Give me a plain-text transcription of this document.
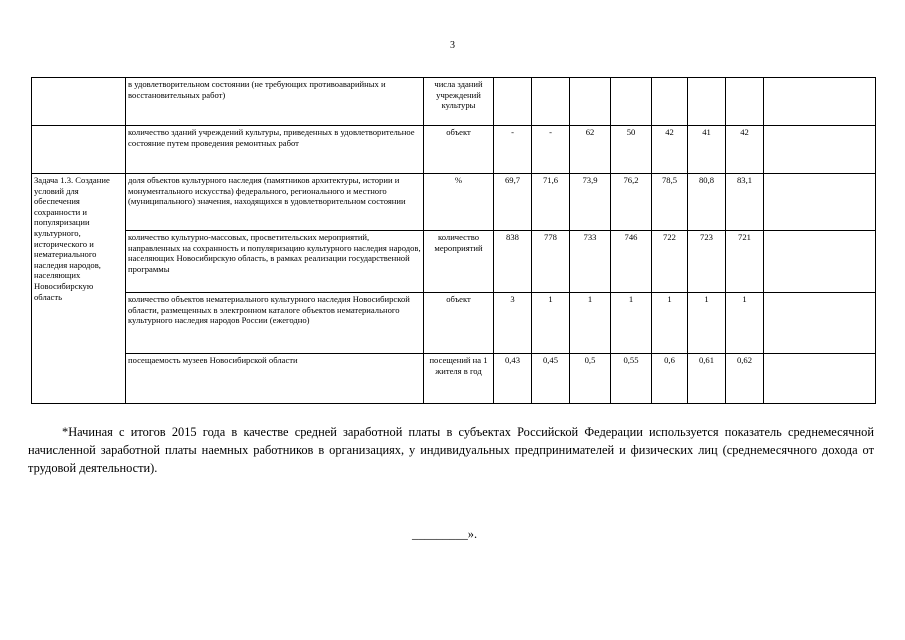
3
	в удовлетворительном состоянии (не требующих противоаварийных и восстановительных работ)	числа зданий учреждений культуры								
	количество зданий учреждений культуры, приведенных в удовлетворительное состояние путем проведения ремонтных работ	объект	-	-	62	50	42	41	42	
Задача 1.3. Создание условий для обеспечения сохранности и популяризации культурного, исторического и нематериального наследия народов, населяющих Новосибирскую область	доля объектов культурного наследия (памятников архитектуры, истории и монументального искусства) федерального, регионального и местного (муниципального) значения, находящихся в удовлетворительном состоянии	%	69,7	71,6	73,9	76,2	78,5	80,8	83,1	
	количество культурно-массовых, просветительских мероприятий, направленных на сохранность и популяризацию культурного наследия народов, населяющих Новосибирскую область, в рамках реализации государственной программы	количество мероприятий	838	778	733	746	722	723	721	
	количество объектов нематериального культурного наследия Новосибирской области, размещенных в электронном каталоге объектов нематериального культурного наследия народов России (ежегодно)	объект	3	1	1	1	1	1	1	
	посещаемость музеев Новосибирской области	посещений на 1 жителя в год	0,43	0,45	0,5	0,55	0,6	0,61	0,62	
*Начиная с итогов 2015 года в качестве средней заработной платы в субъектах Российской Федерации используется показатель среднемесячной начисленной заработной платы наемных работников в организациях, у индивидуальных предпринимателей и физических лиц (среднемесячного дохода от трудовой деятельности).
_________».
